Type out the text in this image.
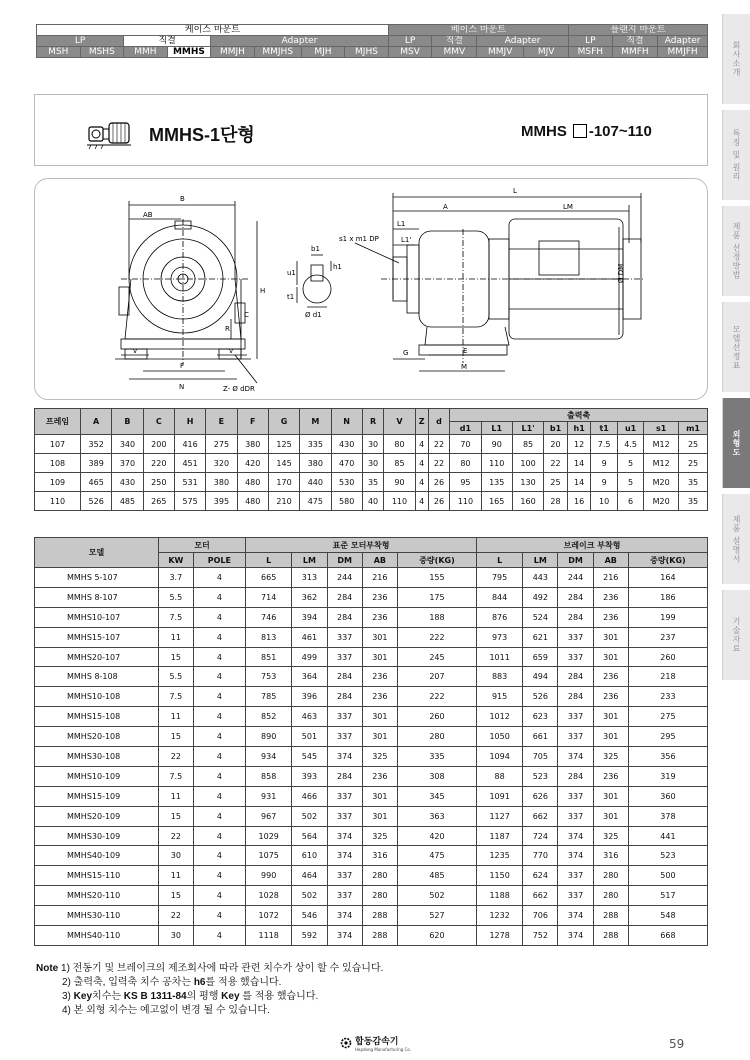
케이스 마운트								베이스 마운트				플랜지 마운트		
LP		직결		Adapter				LP	직결	Adapter		LP	직결	Adapter
MSH	MSHS	MMH	MMHS	MMJH	MMJHS	MJH	MJHS	MSV	MMV	MMJV	MJV	MSFH	MMFH	MMJFH	회사소개
특징 및 원리
제품 선정방법
모델선정표
외형도
제품 설명서
기술자료
MMHS-1단형	MMHS -107~110
B
AB
H
C
R
v	v
F
N	Z- Ø dDR
u1
b1
h1
t1
Ø d1
s1 x m1 DP
L
A	LM
L1
L1'
Ø DM
G	E
M
프레임	A	B	C	H	E	F	G	M	N	R	V	Z	d	출력축								
														d1	L1	L1'	b1	h1	t1	u1	s1	m1
107	352	340	200	416	275	380	125	335	430	30	80	4	22	70	90	85	20	12	7.5	4.5	M12	25
108	389	370	220	451	320	420	145	380	470	30	85	4	22	80	110	100	22	14	9	5	M12	25
109	465	430	250	531	380	480	170	440	530	35	90	4	26	95	135	130	25	14	9	5	M20	35
110	526	485	265	575	395	480	210	475	580	40	110	4	26	110	165	160	28	16	10	6	M20	35
모델	모터		표준 모터부착형					브레이크 부착형				
	KW	POLE	L	LM	DM	AB	중량(KG)	L	LM	DM	AB	중량(KG)
MMHS 5-107	3.7	4	665	313	244	216	155	795	443	244	216	164
MMHS 8-107	5.5	4	714	362	284	236	175	844	492	284	236	186
MMHS10-107	7.5	4	746	394	284	236	188	876	524	284	236	199
MMHS15-107	11	4	813	461	337	301	222	973	621	337	301	237
MMHS20-107	15	4	851	499	337	301	245	1011	659	337	301	260
MMHS 8-108	5.5	4	753	364	284	236	207	883	494	284	236	218
MMHS10-108	7.5	4	785	396	284	236	222	915	526	284	236	233
MMHS15-108	11	4	852	463	337	301	260	1012	623	337	301	275
MMHS20-108	15	4	890	501	337	301	280	1050	661	337	301	295
MMHS30-108	22	4	934	545	374	325	335	1094	705	374	325	356
MMHS10-109	7.5	4	858	393	284	236	308	88	523	284	236	319
MMHS15-109	11	4	931	466	337	301	345	1091	626	337	301	360
MMHS20-109	15	4	967	502	337	301	363	1127	662	337	301	378
MMHS30-109	22	4	1029	564	374	325	420	1187	724	374	325	441
MMHS40-109	30	4	1075	610	374	316	475	1235	770	374	316	523
MMHS15-110	11	4	990	464	337	280	485	1150	624	337	280	500
MMHS20-110	15	4	1028	502	337	280	502	1188	662	337	280	517
MMHS30-110	22	4	1072	546	374	288	527	1232	706	374	288	548
MMHS40-110	30	4	1118	592	374	288	620	1278	752	374	288	668
Note 1) 전동기 및 브레이크의 제조회사에 따라 관련 치수가 상이 할 수 있습니다.
2) 출력축, 입력축 치수 공차는 h6를 적용 했습니다.
3) Key치수는 KS B 1311-84의 평행 Key 를 적용 했습니다.
4) 본 외형 치수는 예고없이 변경 될 수 있습니다.
합동감속기
Hapdong Manufacturing Co.	59
